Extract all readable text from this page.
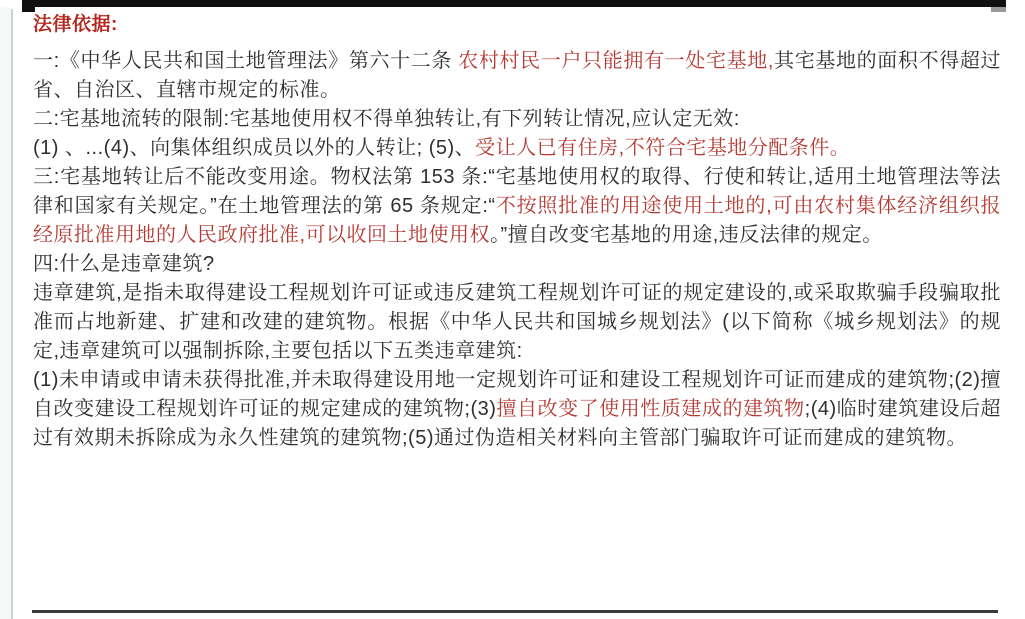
法律依据:

一:《中华人民共和国土地管理法》第六十二条 农村村民一户只能拥有一处宅基地,其宅基地的面积不得超过省、自治区、直辖市规定的标准。

二:宅基地流转的限制:宅基地使用权不得单独转让,有下列转让情况,应认定无效:
(1) 、...(4)、向集体组织成员以外的人转让; (5)、受让人已有住房,不符合宅基地分配条件。

三:宅基地转让后不能改变用途。物权法第 153 条:“宅基地使用权的取得、行使和转让,适用土地管理法等法律和国家有关规定。”在土地管理法的第 65 条规定:“不按照批准的用途使用土地的,可由农村集体经济组织报经原批准用地的人民政府批准,可以收回土地使用权。”擅自改变宅基地的用途,违反法律的规定。

四:什么是违章建筑?
违章建筑,是指未取得建设工程规划许可证或违反建筑工程规划许可证的规定建设的,或采取欺骗手段骗取批准而占地新建、扩建和改建的建筑物。根据《中华人民共和国城乡规划法》(以下简称《城乡规划法》的规定,违章建筑可以强制拆除,主要包括以下五类违章建筑:
(1)未申请或申请未获得批准,并未取得建设用地一定规划许可证和建设工程规划许可证而建成的建筑物;(2)擅自改变建设工程规划许可证的规定建成的建筑物;(3)擅自改变了使用性质建成的建筑物;(4)临时建筑建设后超过有效期未拆除成为永久性建筑的建筑物;(5)通过伪造相关材料向主管部门骗取许可证而建成的建筑物。
